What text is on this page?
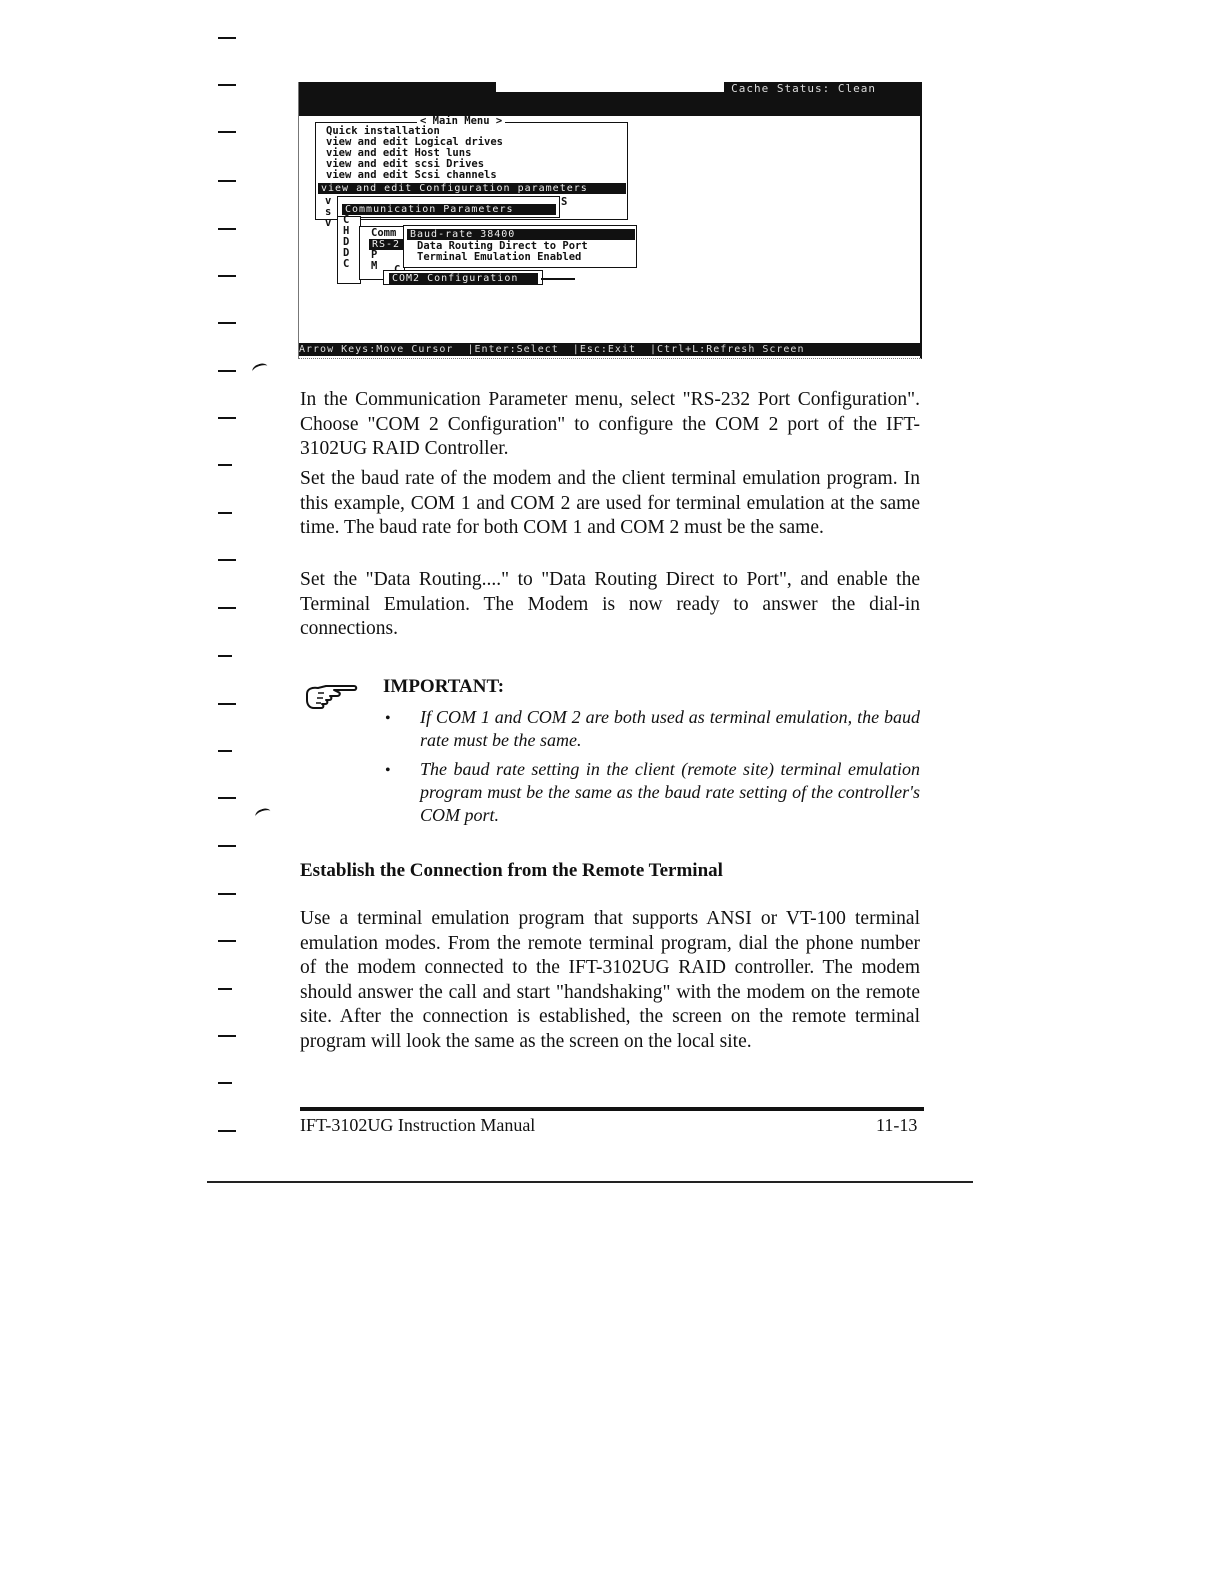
Cache Status: Clean
< Main Menu >
Quick installation
view and edit Logical drives
view and edit Host luns
view and edit scsi Drives
view and edit Scsi channels
view and edit Configuration parameters
v
s
v
S
Communication Parameters
C
H
D
D
C
Comm
RS-2
P
M
Baud-rate 38400
Data Routing Direct to Port
Terminal Emulation Enabled
COM2 Configuration
Arrow Keys:Move Cursor  |Enter:Select  |Esc:Exit  |Ctrl+L:Refresh Screen
In the Communication Parameter menu, select "RS-232 Port Configuration". Choose "COM 2 Configuration" to configure the COM 2 port of the IFT-3102UG RAID Controller.
Set the baud rate of the modem and the client terminal emulation program. In this example, COM 1 and COM 2 are used for terminal emulation at the same time. The baud rate for both COM 1 and COM 2 must be the same.
Set the "Data Routing...." to "Data Routing Direct to Port", and enable the Terminal Emulation. The Modem is now ready to answer the dial-in connections.
IMPORTANT:
• If COM 1 and COM 2 are both used as terminal emulation, the baud rate must be the same.
• The baud rate setting in the client (remote site) terminal emulation program must be the same as the baud rate setting of the controller's COM port.
Establish the Connection from the Remote Terminal
Use a terminal emulation program that supports ANSI or VT-100 terminal emulation modes. From the remote terminal program, dial the phone number of the modem connected to the IFT-3102UG RAID controller. The modem should answer the call and start "handshaking" with the modem on the remote site. After the connection is established, the screen on the remote terminal program will look the same as the screen on the local site.
IFT-3102UG Instruction Manual	11-13
